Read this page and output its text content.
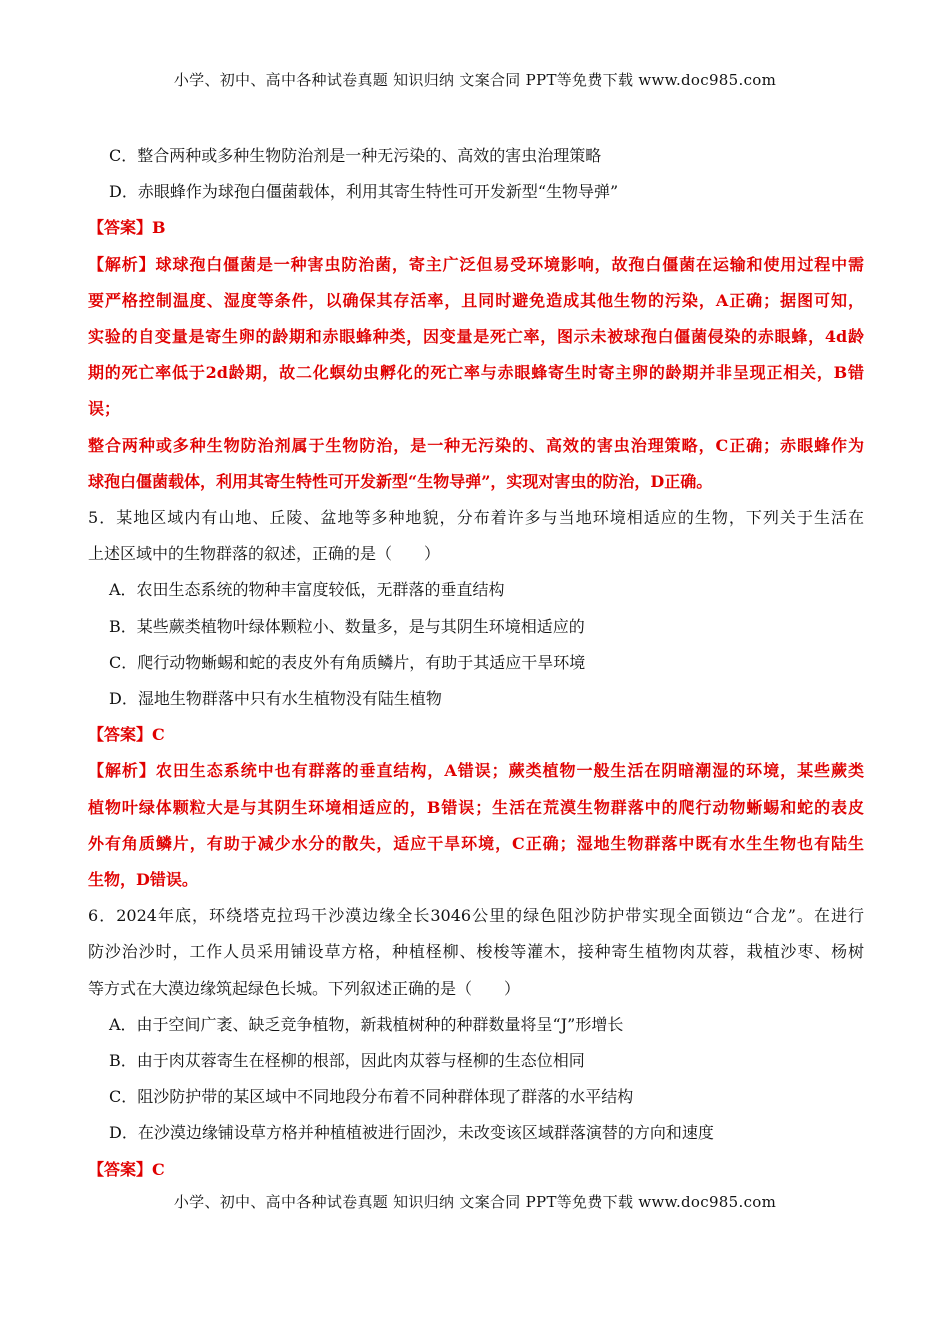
小学、初中、高中各种试卷真题 知识归纳 文案合同 PPT等免费下载 www.doc985.com
C．整合两种或多种生物防治剂是一种无污染的、高效的害虫治理策略
D．赤眼蜂作为球孢白僵菌载体，利用其寄生特性可开发新型“生物导弹”
【答案】B
【解析】球球孢白僵菌是一种害虫防治菌，寄主广泛但易受环境影响，故孢白僵菌在运输和使用过程中需
要严格控制温度、湿度等条件，以确保其存活率，且同时避免造成其他生物的污染，A正确；据图可知，
实验的自变量是寄生卵的龄期和赤眼蜂种类，因变量是死亡率，图示未被球孢白僵菌侵染的赤眼蜂，4d龄
期的死亡率低于2d龄期，故二化螟幼虫孵化的死亡率与赤眼蜂寄生时寄主卵的龄期并非呈现正相关，B错
误；
整合两种或多种生物防治剂属于生物防治，是一种无污染的、高效的害虫治理策略，C正确；赤眼蜂作为
球孢白僵菌载体，利用其寄生特性可开发新型“生物导弹”，实现对害虫的防治，D正确。
5．某地区域内有山地、丘陵、盆地等多种地貌，分布着许多与当地环境相适应的生物，下列关于生活在
上述区域中的生物群落的叙述，正确的是（　　）
A．农田生态系统的物种丰富度较低，无群落的垂直结构
B．某些蕨类植物叶绿体颗粒小、数量多，是与其阴生环境相适应的
C．爬行动物蜥蜴和蛇的表皮外有角质鳞片，有助于其适应干旱环境
D．湿地生物群落中只有水生植物没有陆生植物
【答案】C
【解析】农田生态系统中也有群落的垂直结构，A错误；蕨类植物一般生活在阴暗潮湿的环境，某些蕨类
植物叶绿体颗粒大是与其阴生环境相适应的，B错误；生活在荒漠生物群落中的爬行动物蜥蜴和蛇的表皮
外有角质鳞片，有助于减少水分的散失，适应干旱环境，C正确；湿地生物群落中既有水生生物也有陆生
生物，D错误。
6．2024年底，环绕塔克拉玛干沙漠边缘全长3046公里的绿色阻沙防护带实现全面锁边“合龙”。在进行
防沙治沙时，工作人员采用铺设草方格，种植柽柳、梭梭等灌木，接种寄生植物肉苁蓉，栽植沙枣、杨树
等方式在大漠边缘筑起绿色长城。下列叙述正确的是（　　）
A．由于空间广袤、缺乏竞争植物，新栽植树种的种群数量将呈“J”形增长
B．由于肉苁蓉寄生在柽柳的根部，因此肉苁蓉与柽柳的生态位相同
C．阻沙防护带的某区域中不同地段分布着不同种群体现了群落的水平结构
D．在沙漠边缘铺设草方格并种植植被进行固沙，未改变该区域群落演替的方向和速度
【答案】C
小学、初中、高中各种试卷真题 知识归纳 文案合同 PPT等免费下载 www.doc985.com
